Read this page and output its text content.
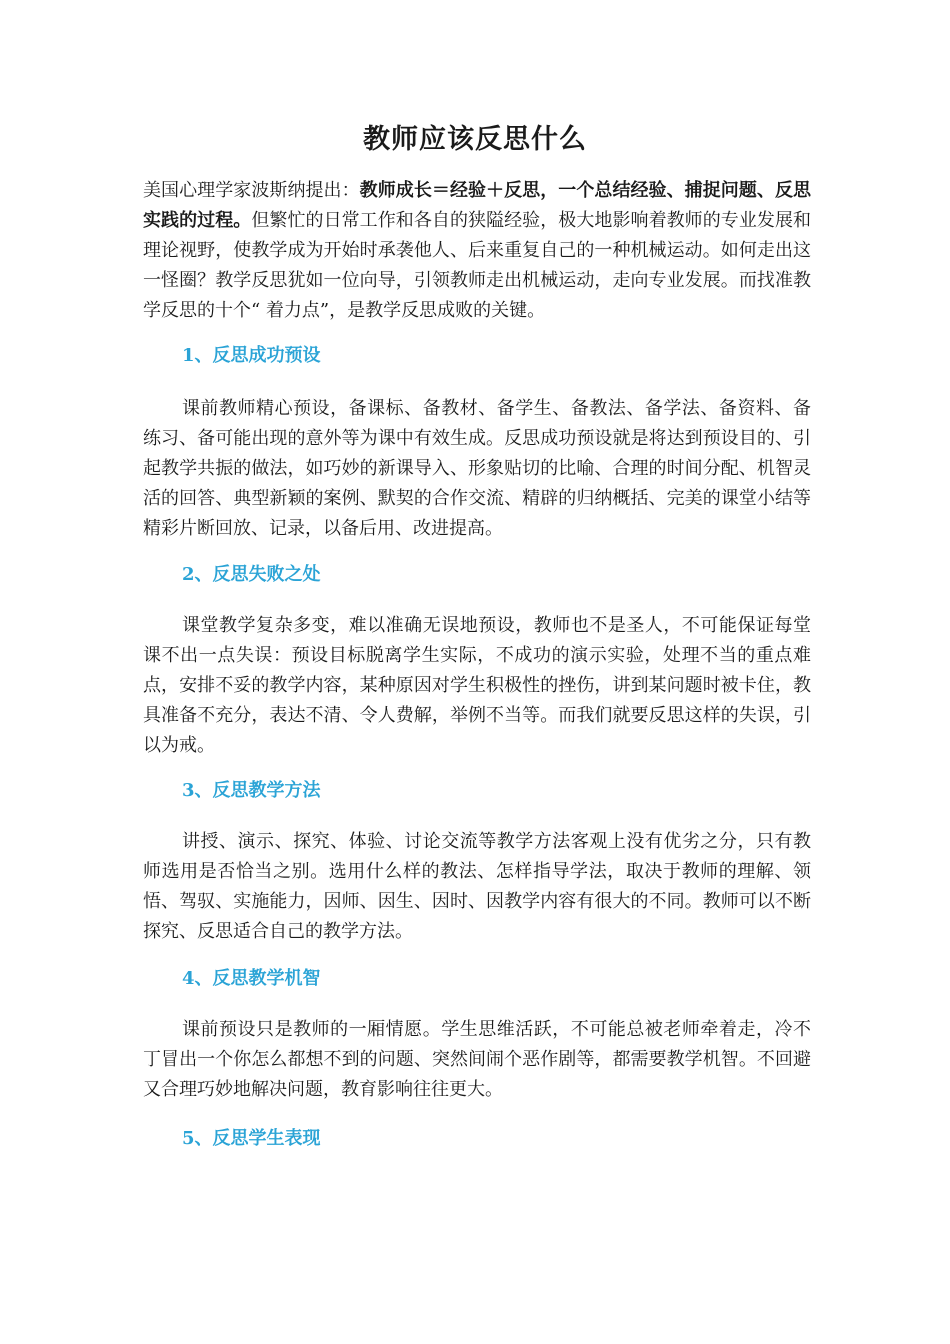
教师应该反思什么
美国心理学家波斯纳提出：教师成长＝经验＋反思，一个总结经验、捕捉问题、反思实践的过程。但繁忙的日常工作和各自的狭隘经验，极大地影响着教师的专业发展和理论视野，使教学成为开始时承袭他人、后来重复自己的一种机械运动。如何走出这一怪圈？教学反思犹如一位向导，引领教师走出机械运动，走向专业发展。而找准教学反思的十个“ 着力点”，是教学反思成败的关键。
1、反思成功预设
课前教师精心预设，备课标、备教材、备学生、备教法、备学法、备资料、备练习、备可能出现的意外等为课中有效生成。反思成功预设就是将达到预设目的、引起教学共振的做法，如巧妙的新课导入、形象贴切的比喻、合理的时间分配、机智灵活的回答、典型新颖的案例、默契的合作交流、精辟的归纳概括、完美的课堂小结等精彩片断回放、记录，以备后用、改进提高。
2、反思失败之处
课堂教学复杂多变，难以准确无误地预设，教师也不是圣人，不可能保证每堂课不出一点失误：预设目标脱离学生实际，不成功的演示实验，处理不当的重点难点，安排不妥的教学内容，某种原因对学生积极性的挫伤，讲到某问题时被卡住，教具准备不充分，表达不清、令人费解，举例不当等。而我们就要反思这样的失误，引以为戒。
3、反思教学方法
讲授、演示、探究、体验、讨论交流等教学方法客观上没有优劣之分，只有教师选用是否恰当之别。选用什么样的教法、怎样指导学法，取决于教师的理解、领悟、驾驭、实施能力，因师、因生、因时、因教学内容有很大的不同。教师可以不断探究、反思适合自己的教学方法。
4、反思教学机智
课前预设只是教师的一厢情愿。学生思维活跃，不可能总被老师牵着走，冷不丁冒出一个你怎么都想不到的问题、突然间闹个恶作剧等，都需要教学机智。不回避又合理巧妙地解决问题，教育影响往往更大。
5、反思学生表现
